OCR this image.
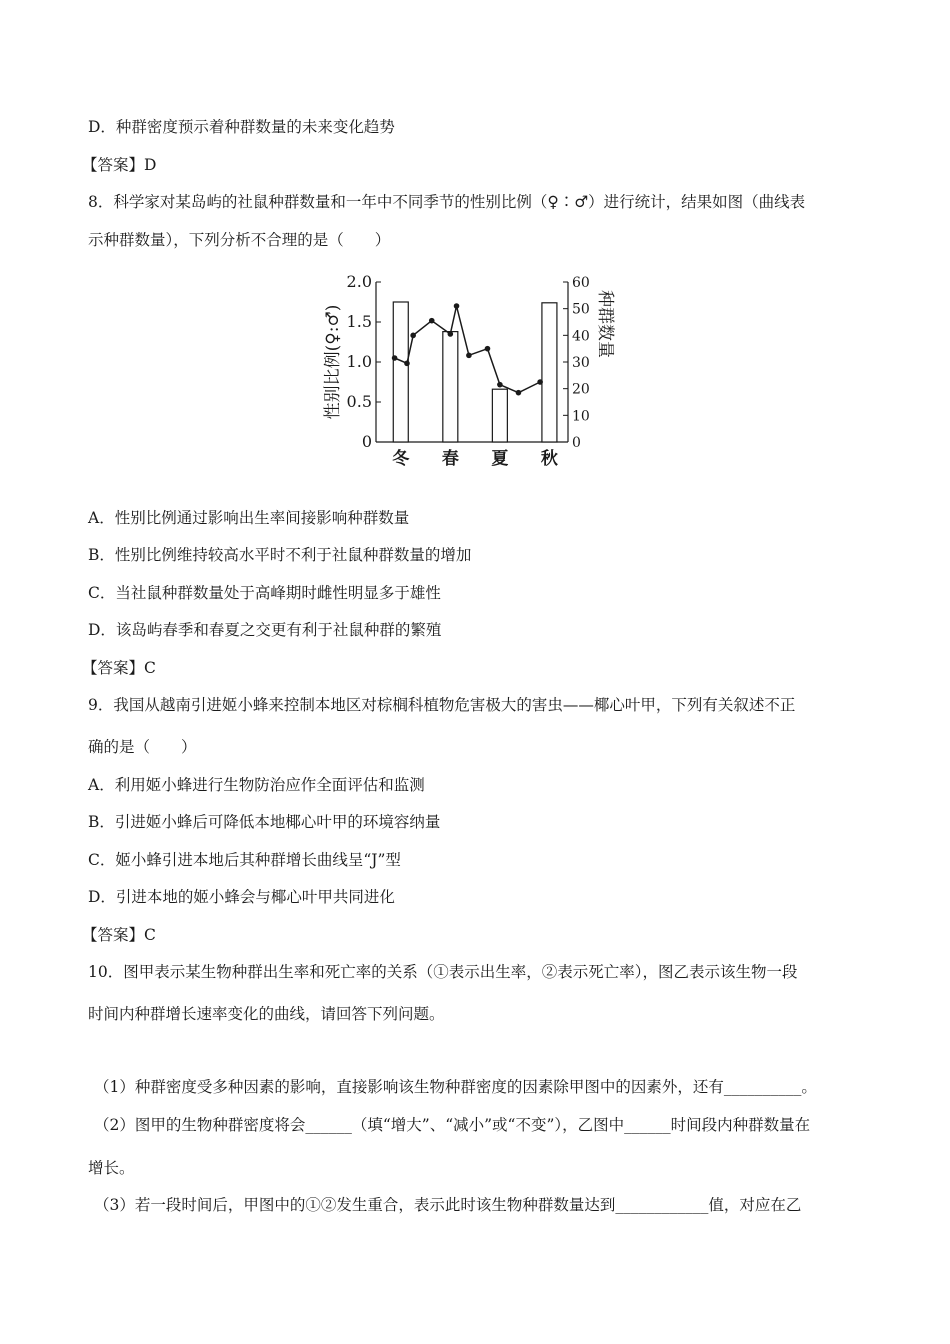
D．种群密度预示着种群数量的未来变化趋势

【答案】D

8．科学家对某岛屿的社鼠种群数量和一年中不同季节的性别比例（♀∶♂）进行统计，结果如图（曲线表

示种群数量），下列分析不合理的是（　　）

A．性别比例通过影响出生率间接影响种群数量

B．性别比例维持较高水平时不利于社鼠种群数量的增加

C．当社鼠种群数量处于高峰期时雌性明显多于雄性

D．该岛屿春季和春夏之交更有利于社鼠种群的繁殖

【答案】C

9．我国从越南引进姬小蜂来控制本地区对棕榈科植物危害极大的害虫——椰心叶甲，下列有关叙述不正

确的是（　　）

A．利用姬小蜂进行生物防治应作全面评估和监测

B．引进姬小蜂后可降低本地椰心叶甲的环境容纳量

C．姬小蜂引进本地后其种群增长曲线呈“J”型

D．引进本地的姬小蜂会与椰心叶甲共同进化

【答案】C

10．图甲表示某生物种群出生率和死亡率的关系（①表示出生率，②表示死亡率），图乙表示该生物一段

时间内种群增长速率变化的曲线，请回答下列问题。

（1）种群密度受多种因素的影响，直接影响该生物种群密度的因素除甲图中的因素外，还有__________。

（2）图甲的生物种群密度将会______（填“增大”、“减小”或“不变”），乙图中______时间段内种群数量在

增长。

（3）若一段时间后，甲图中的①②发生重合，表示此时该生物种群数量达到____________值，对应在乙

2.0
1.5
1.0
0.5
0
60
50
40
30
20
10
0
冬 春 夏 秋
性别比例(♀:♂)	种群数量
